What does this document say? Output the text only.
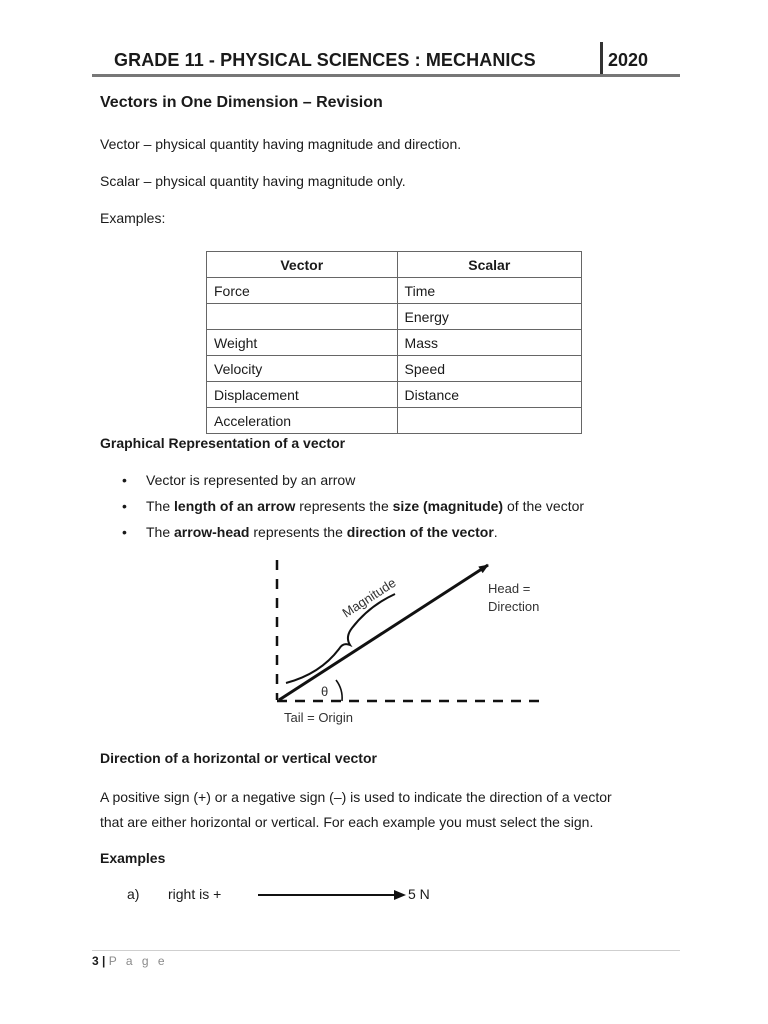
GRADE 11 - PHYSICAL SCIENCES : MECHANICS	2020
Vectors in One Dimension – Revision
Vector – physical quantity having magnitude and direction.
Scalar – physical quantity having magnitude only.
Examples:
Vector	Scalar
Force	Time
	Energy
Weight	Mass
Velocity	Speed
Displacement	Distance
Acceleration	
Graphical Representation of a vector
• Vector is represented by an arrow
• The length of an arrow represents the size (magnitude) of the vector
• The arrow-head represents the direction of the vector.
Magnitude	Head =
Direction
θ
Tail = Origin
Direction of a horizontal or vertical vector
A positive sign (+) or a negative sign (–) is used to indicate the direction of a vector
that are either horizontal or vertical. For each example you must select the sign.
Examples
a) right is +	5 N
3 | P a g e
